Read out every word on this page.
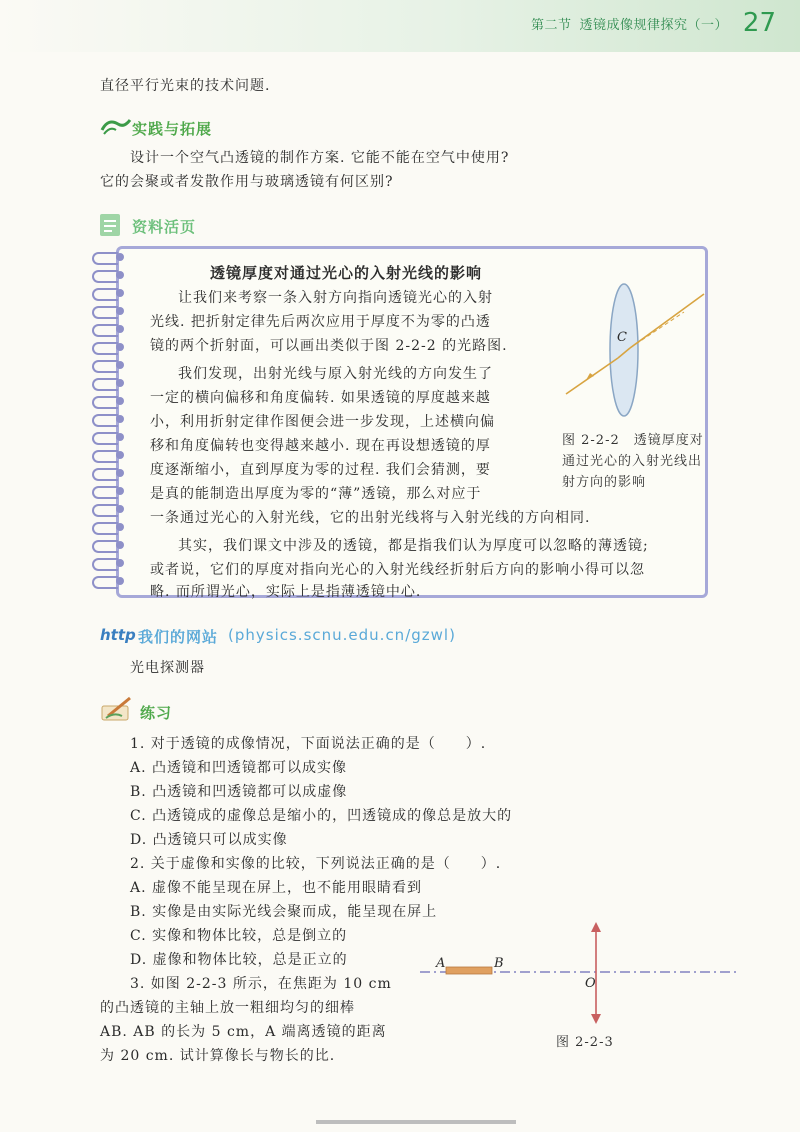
第二节 透镜成像规律探究（一） 27
直径平行光束的技术问题.
实践与拓展
设计一个空气凸透镜的制作方案. 它能不能在空气中使用?
它的会聚或者发散作用与玻璃透镜有何区别?
资料活页
透镜厚度对通过光心的入射光线的影响
让我们来考察一条入射方向指向透镜光心的入射
光线. 把折射定律先后两次应用于厚度不为零的凸透
镜的两个折射面，可以画出类似于图 2-2-2 的光路图.
我们发现，出射光线与原入射光线的方向发生了
一定的横向偏移和角度偏转. 如果透镜的厚度越来越
小，利用折射定律作图便会进一步发现，上述横向偏
移和角度偏转也变得越来越小. 现在再设想透镜的厚
度逐渐缩小，直到厚度为零的过程. 我们会猜测，要
是真的能制造出厚度为零的“薄”透镜，那么对应于
一条通过光心的入射光线，它的出射光线将与入射光线的方向相同.
其实，我们课文中涉及的透镜，都是指我们认为厚度可以忽略的薄透镜;
或者说，它们的厚度对指向光心的入射光线经折射后方向的影响小得可以忽
略. 而所谓光心，实际上是指薄透镜中心.
C
图 2-2-2　透镜厚度对
通过光心的入射光线出
射方向的影响
http 我们的网站 (physics.scnu.edu.cn/gzwl)
光电探测器
练习
1. 对于透镜的成像情况，下面说法正确的是（　　）.
A. 凸透镜和凹透镜都可以成实像
B. 凸透镜和凹透镜都可以成虚像
C. 凸透镜成的虚像总是缩小的，凹透镜成的像总是放大的
D. 凸透镜只可以成实像
2. 关于虚像和实像的比较，下列说法正确的是（　　）.
A. 虚像不能呈现在屏上，也不能用眼睛看到
B. 实像是由实际光线会聚而成，能呈现在屏上
C. 实像和物体比较，总是倒立的
D. 虚像和物体比较，总是正立的
3. 如图 2-2-3 所示，在焦距为 10 cm
的凸透镜的主轴上放一粗细均匀的细棒
AB. AB 的长为 5 cm，A 端离透镜的距离
为 20 cm. 试计算像长与物长的比.
A	B
O
图 2-2-3
